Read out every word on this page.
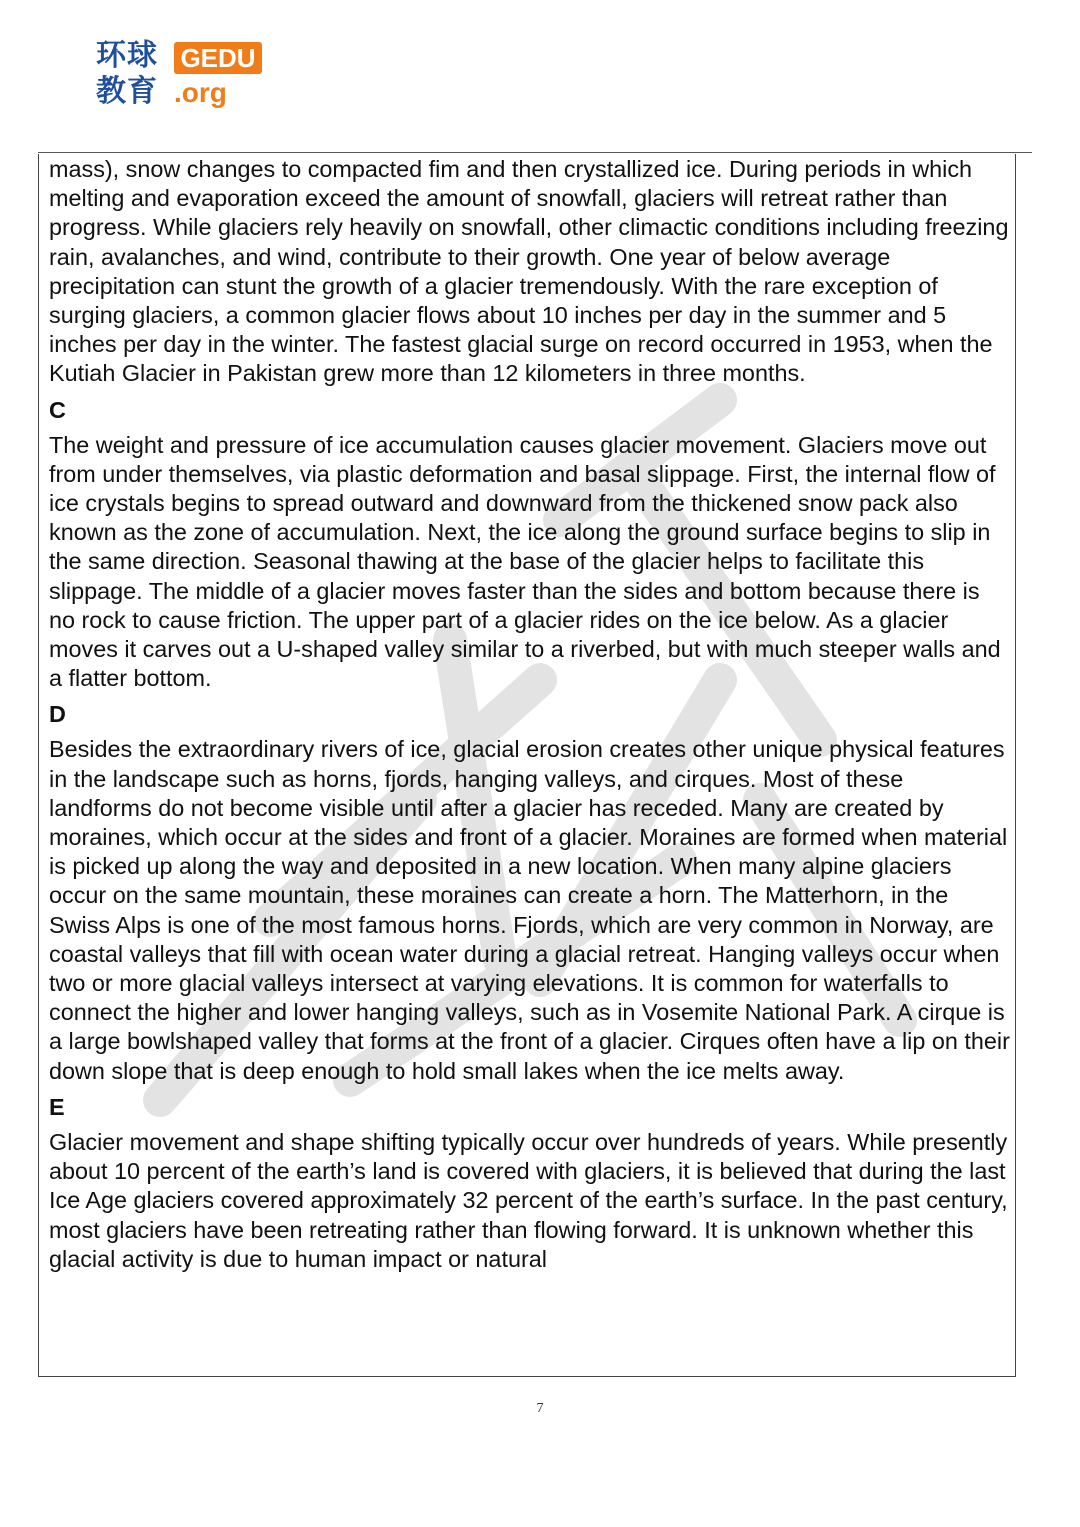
环球
教育
GEDU
.org

mass), snow changes to compacted fim and then crystallized ice. During periods in which melting and evaporation exceed the amount of snowfall, glaciers will retreat rather than progress. While glaciers rely heavily on snowfall, other climactic conditions including freezing rain, avalanches, and wind, contribute to their growth. One year of below average precipitation can stunt the growth of a glacier tremendously. With the rare exception of surging glaciers, a common glacier flows about 10 inches per day in the summer and 5 inches per day in the winter. The fastest glacial surge on record occurred in 1953, when the Kutiah Glacier in Pakistan grew more than 12 kilometers in three months.

C

The weight and pressure of ice accumulation causes glacier movement. Glaciers move out from under themselves, via plastic deformation and basal slippage. First, the internal flow of ice crystals begins to spread outward and downward from the thickened snow pack also known as the zone of accumulation. Next, the ice along the ground surface begins to slip in the same direction. Seasonal thawing at the base of the glacier helps to facilitate this slippage. The middle of a glacier moves faster than the sides and bottom because there is no rock to cause friction. The upper part of a glacier rides on the ice below. As a glacier moves it carves out a U-shaped valley similar to a riverbed, but with much steeper walls and a flatter bottom.

D

Besides the extraordinary rivers of ice, glacial erosion creates other unique physical features in the landscape such as horns, fjords, hanging valleys, and cirques. Most of these landforms do not become visible until after a glacier has receded. Many are created by moraines, which occur at the sides and front of a glacier. Moraines are formed when material is picked up along the way and deposited in a new location. When many alpine glaciers occur on the same mountain, these moraines can create a horn. The Matterhorn, in the Swiss Alps is one of the most famous horns. Fjords, which are very common in Norway, are coastal valleys that fill with ocean water during a glacial retreat. Hanging valleys occur when two or more glacial valleys intersect at varying elevations. It is common for waterfalls to connect the higher and lower hanging valleys, such as in Vosemite National Park. A cirque is a large bowlshaped valley that forms at the front of a glacier. Cirques often have a lip on their down slope that is deep enough to hold small lakes when the ice melts away.

E

Glacier movement and shape shifting typically occur over hundreds of years. While presently about 10 percent of the earth’s land is covered with glaciers, it is believed that during the last Ice Age glaciers covered approximately 32 percent of the earth’s surface. In the past century, most glaciers have been retreating rather than flowing forward. It is unknown whether this glacial activity is due to human impact or natural

7
